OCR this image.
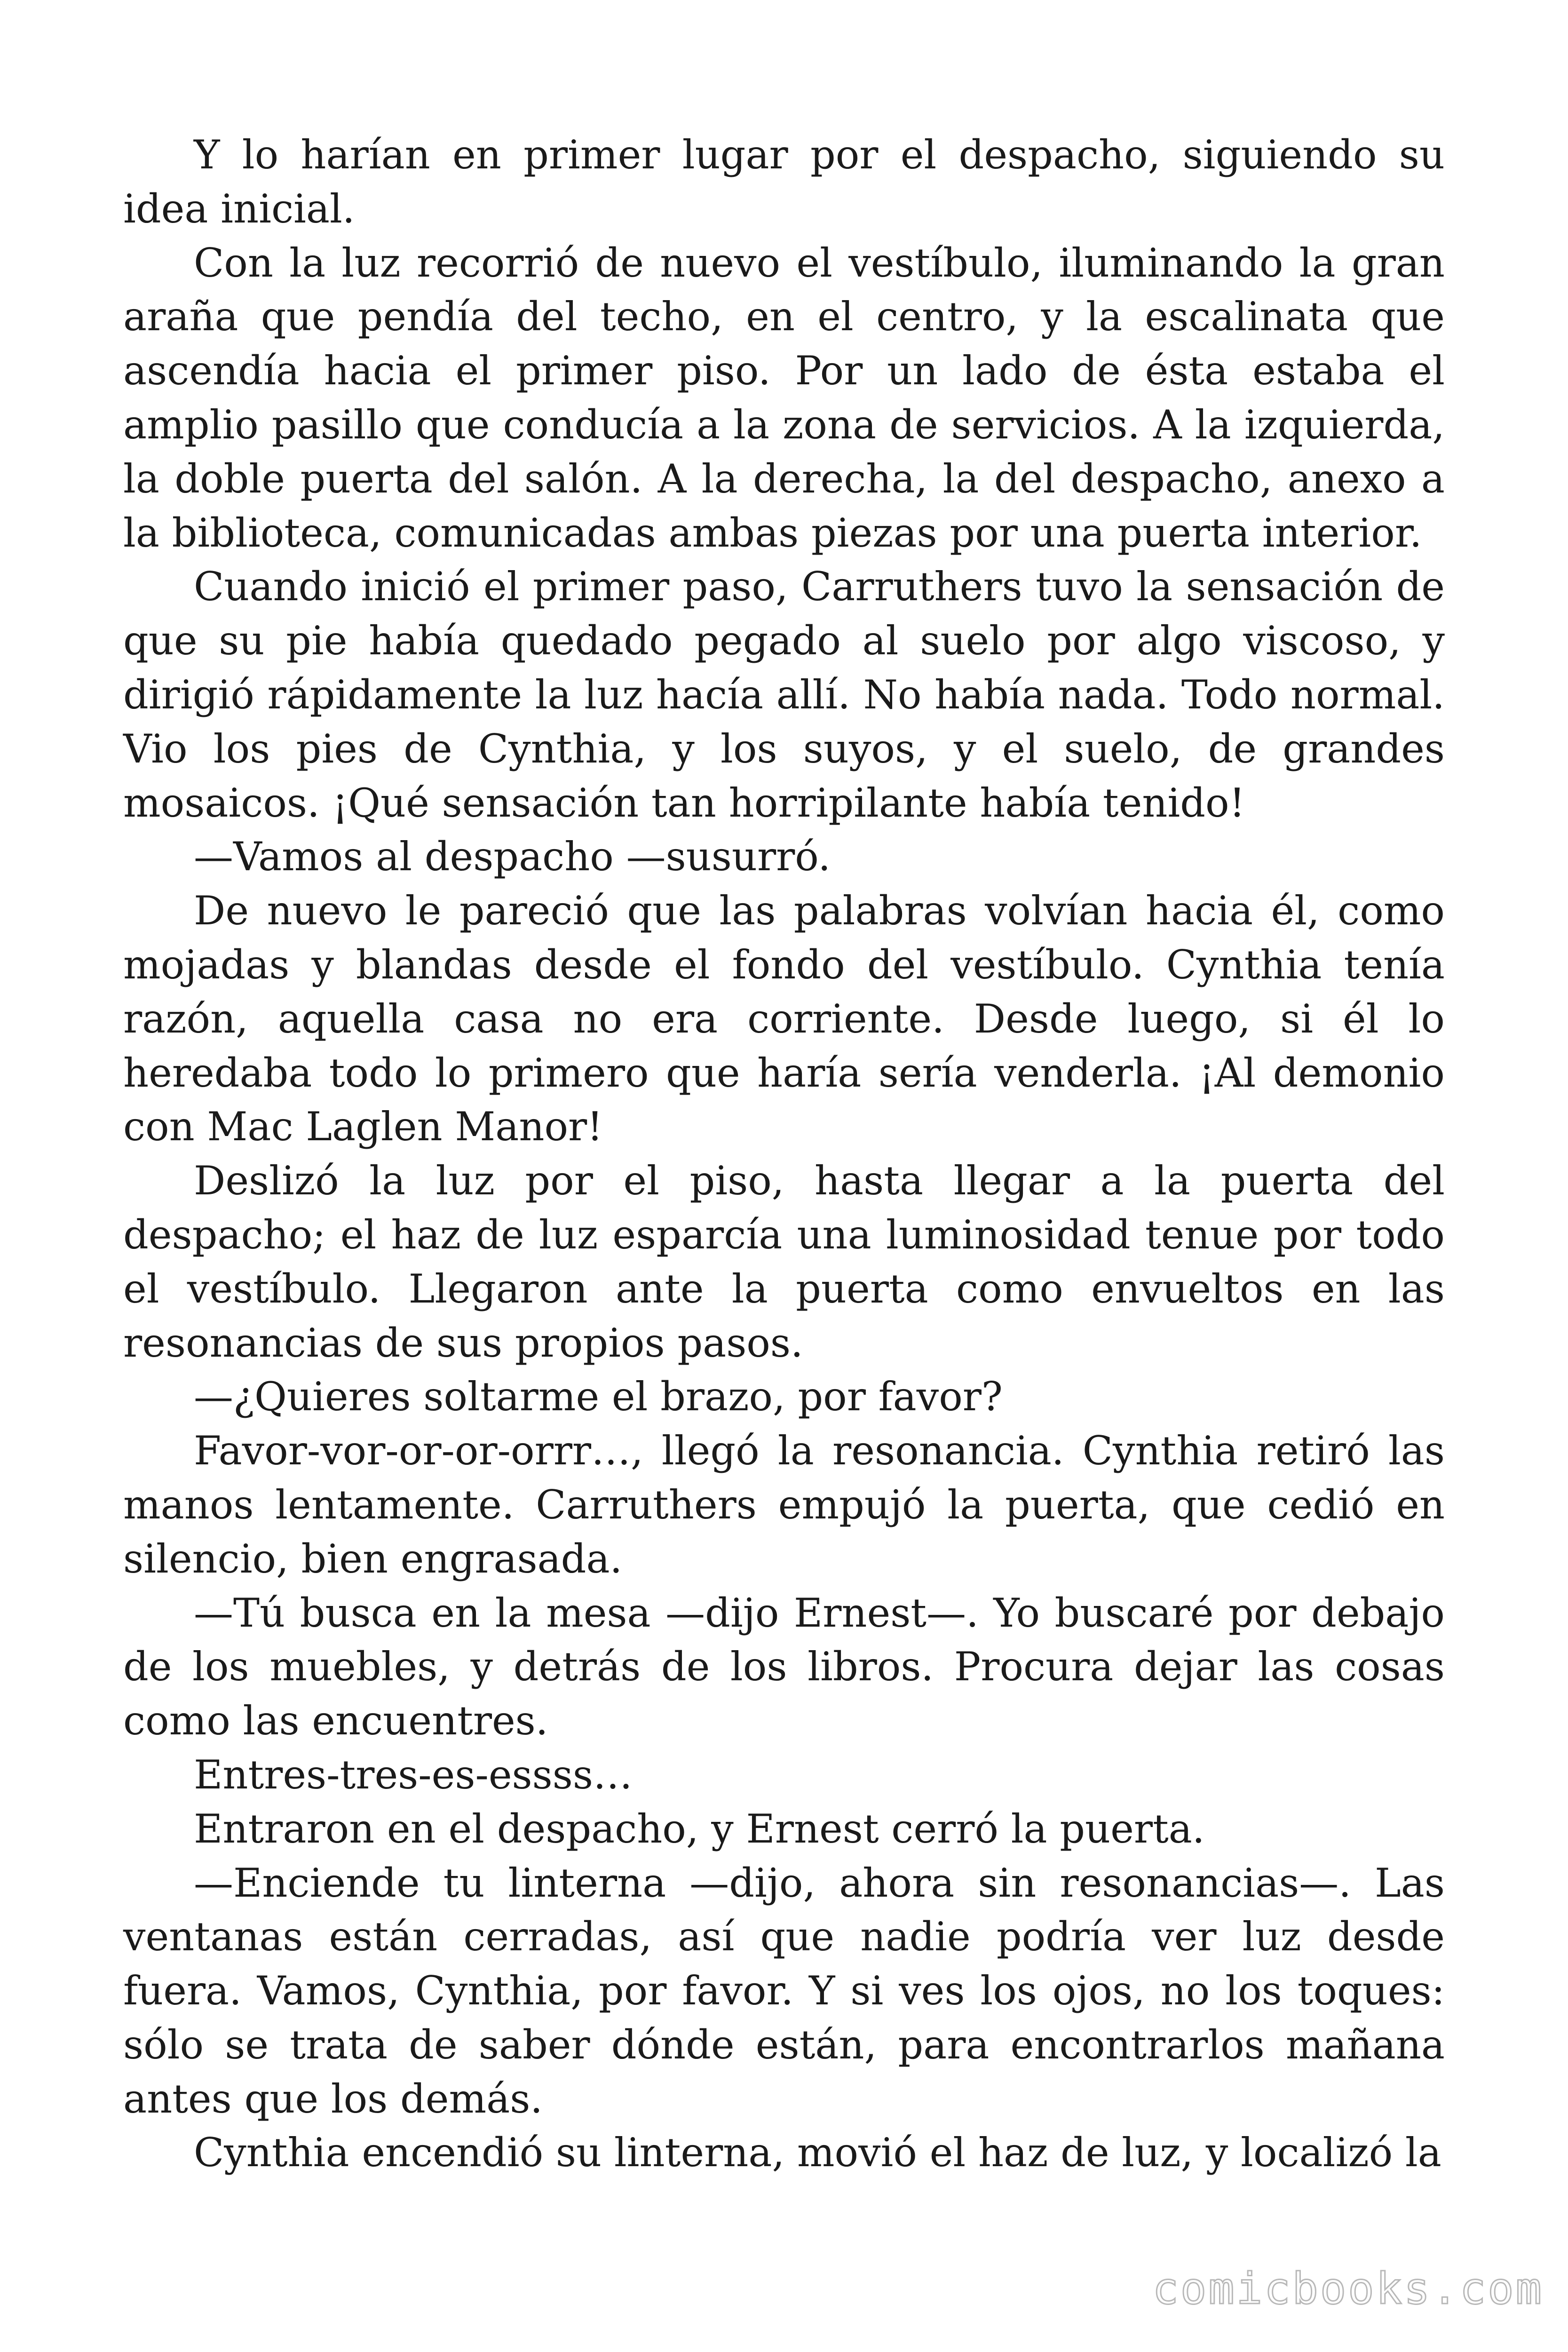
Y lo harían en primer lugar por el despacho, siguiendo su idea inicial.

Con la luz recorrió de nuevo el vestíbulo, iluminando la gran araña que pendía del techo, en el centro, y la escalinata que ascendía hacia el primer piso. Por un lado de ésta estaba el amplio pasillo que conducía a la zona de servicios. A la izquierda, la doble puerta del salón. A la derecha, la del despacho, anexo a la biblioteca, comunicadas ambas piezas por una puerta interior.

Cuando inició el primer paso, Carruthers tuvo la sensación de que su pie había quedado pegado al suelo por algo viscoso, y dirigió rápidamente la luz hacía allí. No había nada. Todo normal. Vio los pies de Cynthia, y los suyos, y el suelo, de grandes mosaicos. ¡Qué sensación tan horripilante había tenido!

—Vamos al despacho —susurró.

De nuevo le pareció que las palabras volvían hacia él, como mojadas y blandas desde el fondo del vestíbulo. Cynthia tenía razón, aquella casa no era corriente. Desde luego, si él lo heredaba todo lo primero que haría sería venderla. ¡Al demonio con Mac Laglen Manor!

Deslizó la luz por el piso, hasta llegar a la puerta del despacho; el haz de luz esparcía una luminosidad tenue por todo el vestíbulo. Llegaron ante la puerta como envueltos en las resonancias de sus propios pasos.

—¿Quieres soltarme el brazo, por favor?

Favor-vor-or-or-orrr…, llegó la resonancia. Cynthia retiró las manos lentamente. Carruthers empujó la puerta, que cedió en silencio, bien engrasada.

—Tú busca en la mesa —dijo Ernest—. Yo buscaré por debajo de los muebles, y detrás de los libros. Procura dejar las cosas como las encuentres.

Entres-tres-es-essss…

Entraron en el despacho, y Ernest cerró la puerta.

—Enciende tu linterna —dijo, ahora sin resonancias—. Las ventanas están cerradas, así que nadie podría ver luz desde fuera. Vamos, Cynthia, por favor. Y si ves los ojos, no los toques: sólo se trata de saber dónde están, para encontrarlos mañana antes que los demás.

Cynthia encendió su linterna, movió el haz de luz, y localizó la

comicbooks.com
